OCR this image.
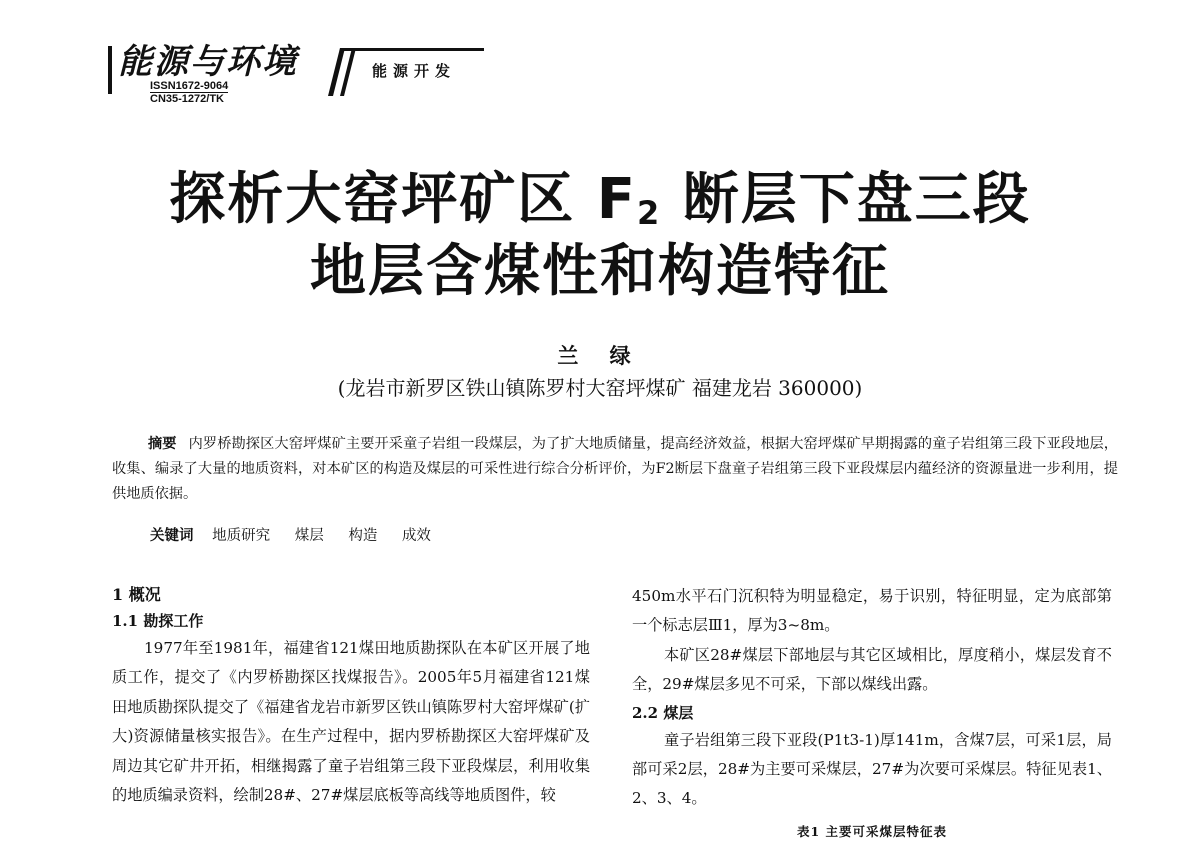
能源与环境
ISSN1672-9064
CN35-1272/TK
能源开发
探析大窑坪矿区 $F_2$ 断层下盘三段
地层含煤性和构造特征
兰 绿
(龙岩市新罗区铁山镇陈罗村大窑坪煤矿 福建龙岩 360000)
摘要 内罗桥勘探区大窑坪煤矿主要开采童子岩组一段煤层，为了扩大地质储量，提高经济效益，根据大窑坪煤矿早期揭露的童子岩组第三段下亚段地层，收集、编录了大量的地质资料，对本矿区的构造及煤层的可采性进行综合分析评价，为F2断层下盘童子岩组第三段下亚段煤层内蕴经济的资源量进一步利用，提供地质依据。
关键词 地质研究 煤层 构造 成效
1 概况
1.1 勘探工作

1977年至1981年，福建省121煤田地质勘探队在本矿区开展了地质工作，提交了《内罗桥勘探区找煤报告》。2005年5月福建省121煤田地质勘探队提交了《福建省龙岩市新罗区铁山镇陈罗村大窑坪煤矿(扩大)资源储量核实报告》。在生产过程中，据内罗桥勘探区大窑坪煤矿及周边其它矿井开拓，相继揭露了童子岩组第三段下亚段煤层，利用收集的地质编录资料，绘制28#、27#煤层底板等高线等地质图件，较

450m水平石门沉积特为明显稳定，易于识别，特征明显，定为底部第一个标志层Ⅲ1，厚为3~8m。

本矿区28#煤层下部地层与其它区域相比，厚度稍小，煤层发育不全，29#煤层多见不可采，下部以煤线出露。

2.2 煤层

童子岩组第三段下亚段(P1t3-1)厚141m，含煤7层，可采1层，局部可采2层，28#为主要可采煤层，27#为次要可采煤层。特征见表1、2、3、4。

表1 主要可采煤层特征表
